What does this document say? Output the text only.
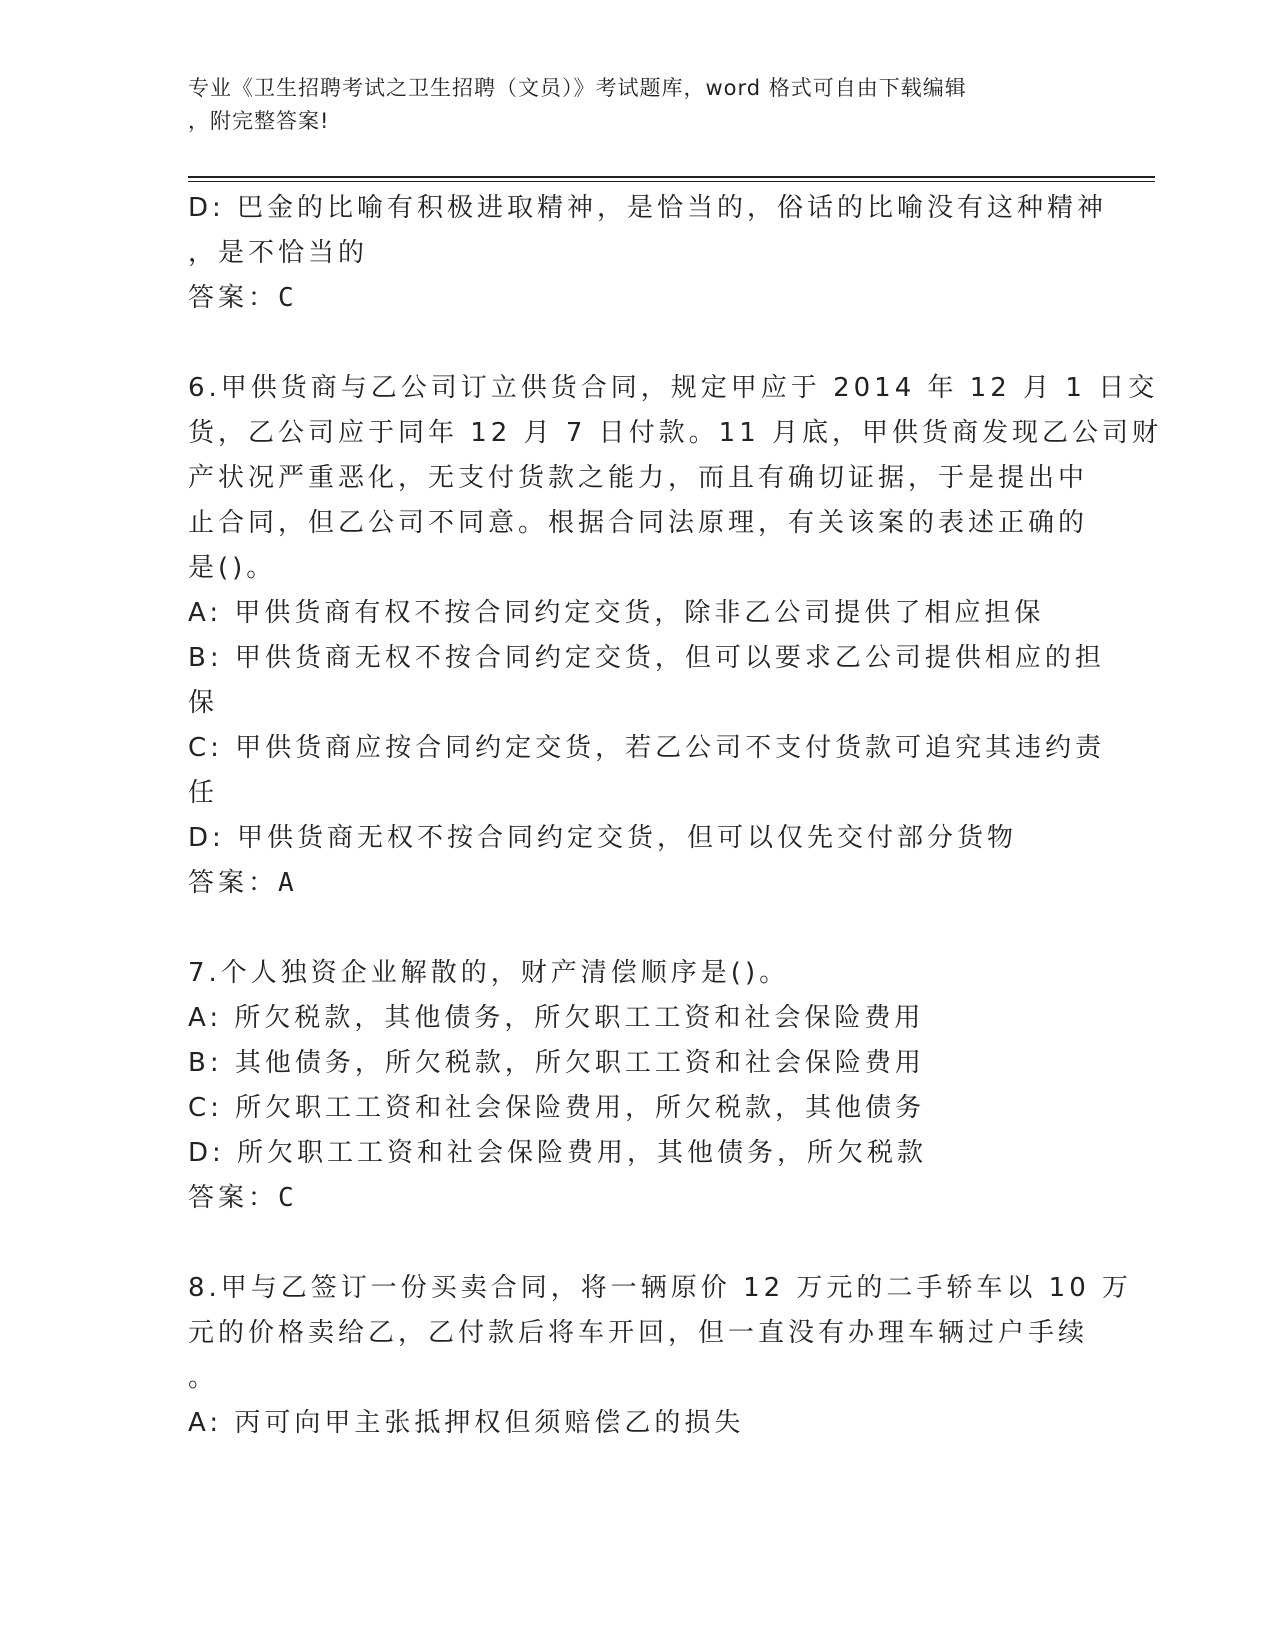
专业《卫生招聘考试之卫生招聘（文员）》考试题库，word 格式可自由下载编辑
，附完整答案!
D: 巴金的比喻有积极进取精神，是恰当的，俗话的比喻没有这种精神
，是不恰当的
答案：C
6.甲供货商与乙公司订立供货合同，规定甲应于 2014 年 12 月 1 日交
货，乙公司应于同年 12 月 7 日付款。11 月底，甲供货商发现乙公司财
产状况严重恶化，无支付货款之能力，而且有确切证据，于是提出中
止合同，但乙公司不同意。根据合同法原理，有关该案的表述正确的
是()。
A: 甲供货商有权不按合同约定交货，除非乙公司提供了相应担保
B: 甲供货商无权不按合同约定交货，但可以要求乙公司提供相应的担
保
C: 甲供货商应按合同约定交货，若乙公司不支付货款可追究其违约责
任
D: 甲供货商无权不按合同约定交货，但可以仅先交付部分货物
答案：A
7.个人独资企业解散的，财产清偿顺序是()。
A: 所欠税款，其他债务，所欠职工工资和社会保险费用
B: 其他债务，所欠税款，所欠职工工资和社会保险费用
C: 所欠职工工资和社会保险费用，所欠税款，其他债务
D: 所欠职工工资和社会保险费用，其他债务，所欠税款
答案：C
8.甲与乙签订一份买卖合同，将一辆原价 12 万元的二手轿车以 10 万
元的价格卖给乙，乙付款后将车开回，但一直没有办理车辆过户手续
。
A: 丙可向甲主张抵押权但须赔偿乙的损失
